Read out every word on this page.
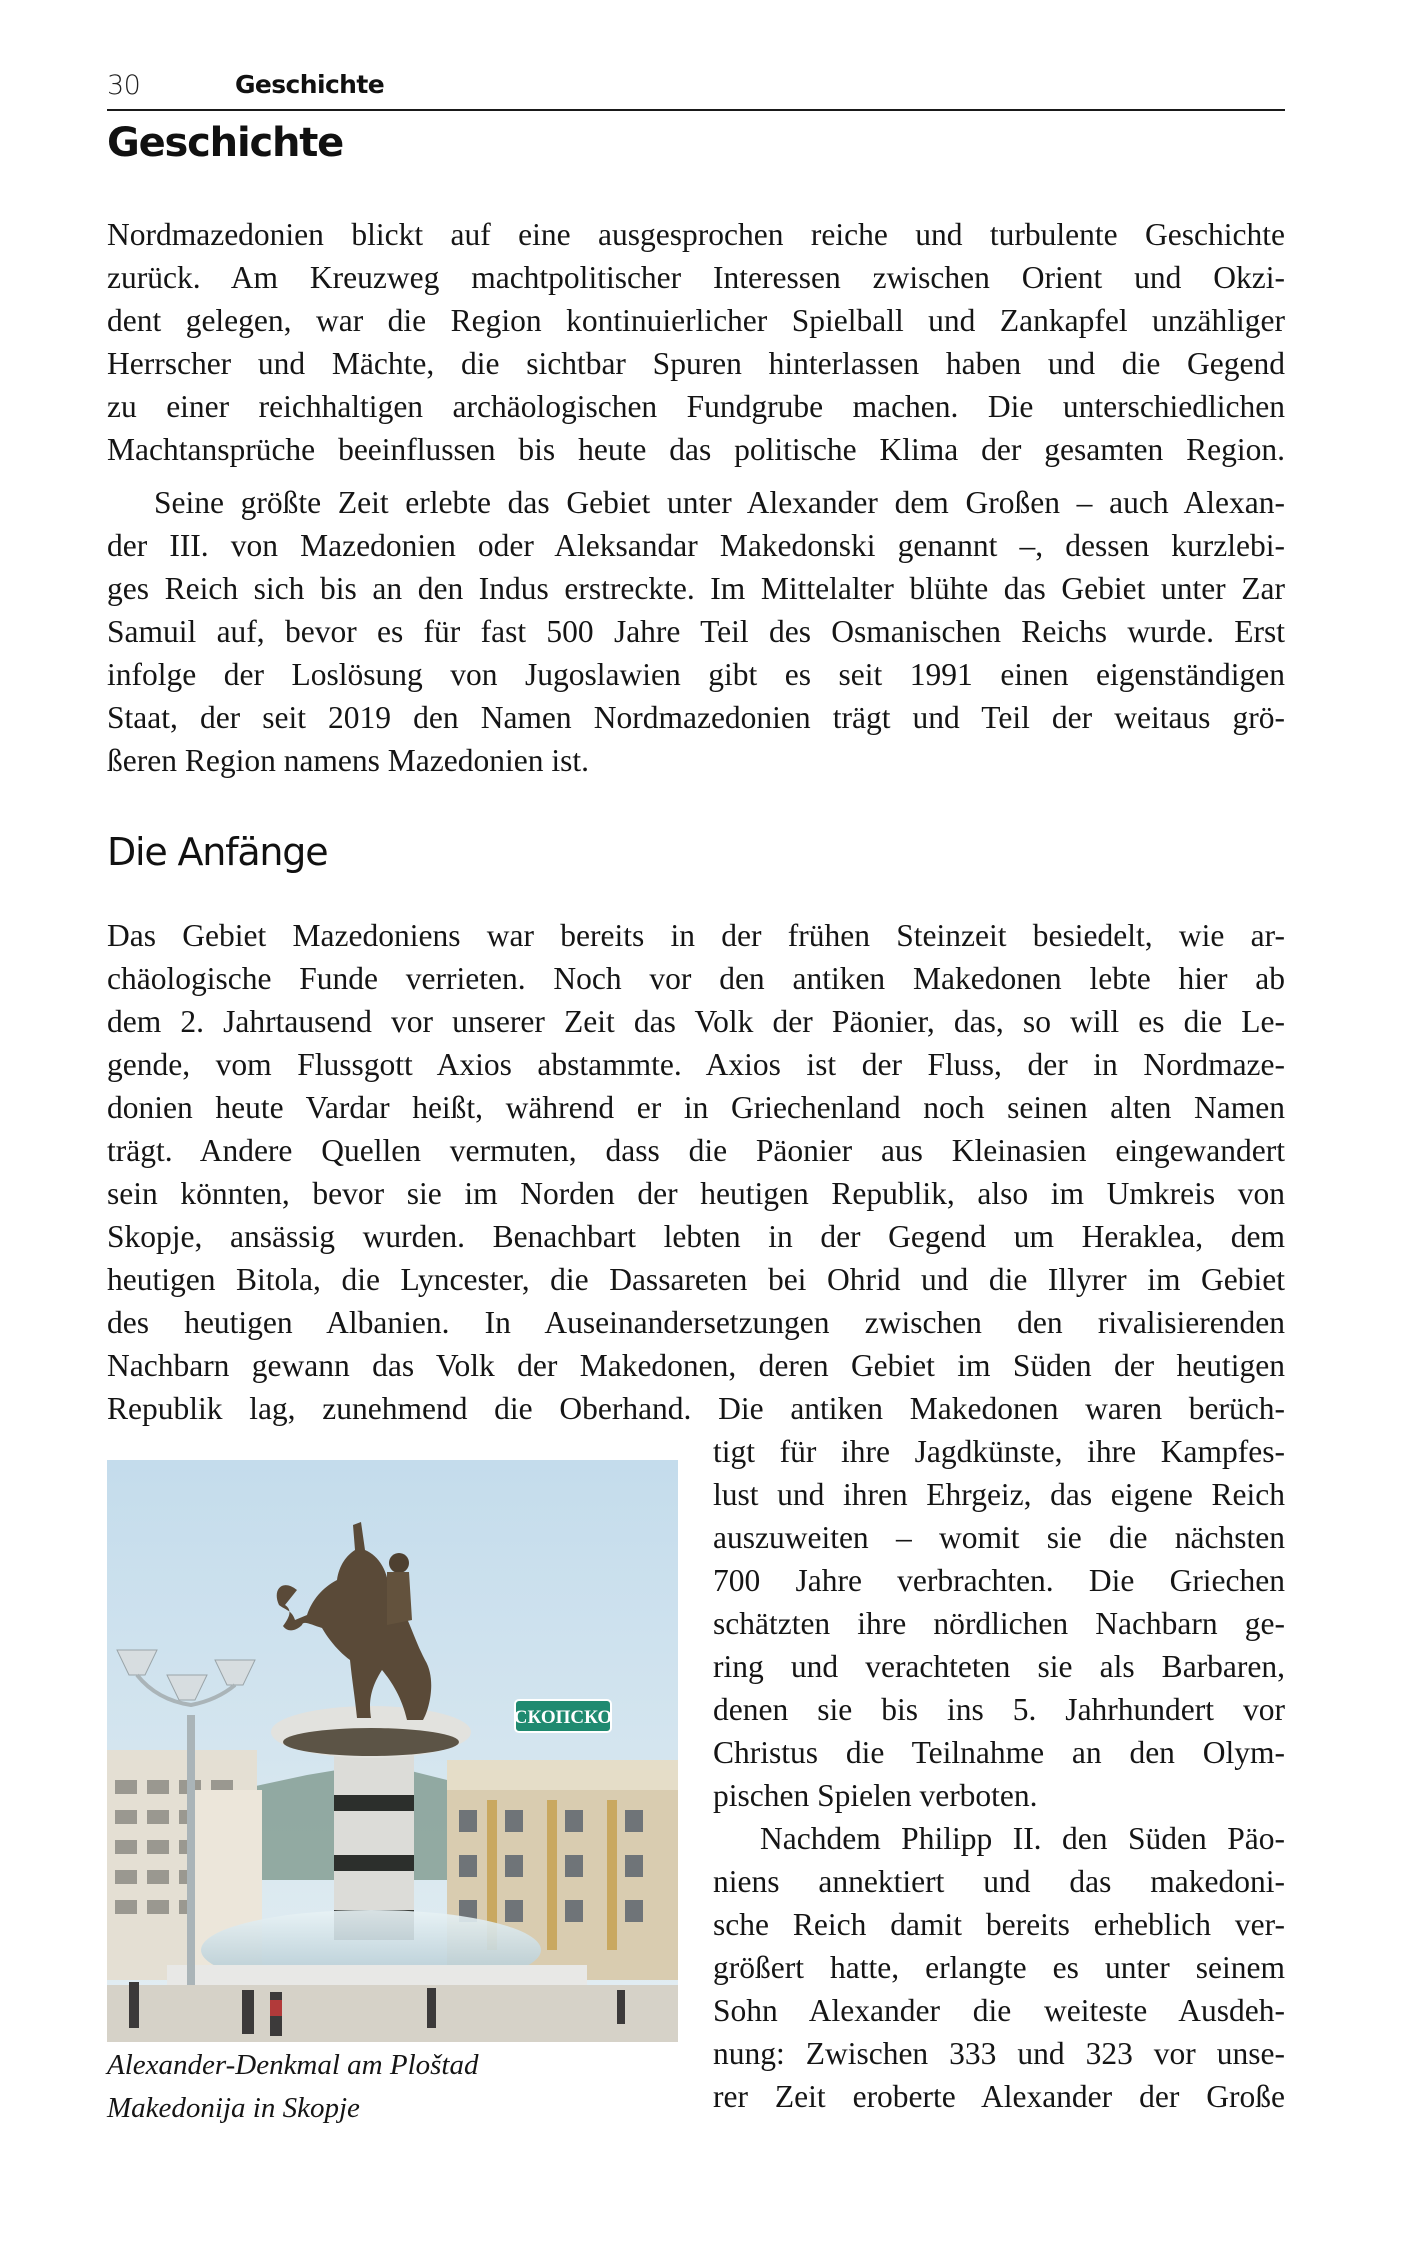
30	Geschichte
Geschichte
Nordmazedonien blickt auf eine ausgesprochen reiche und turbulente Geschichte
zurück. Am Kreuzweg machtpolitischer Interessen zwischen Orient und Okzi-
dent gelegen, war die Region kontinuierlicher Spielball und Zankapfel unzähliger
Herrscher und Mächte, die sichtbar Spuren hinterlassen haben und die Gegend
zu einer reichhaltigen archäologischen Fundgrube machen. Die unterschiedlichen
Machtansprüche beeinflussen bis heute das politische Klima der gesamten Region.
Seine größte Zeit erlebte das Gebiet unter Alexander dem Großen – auch Alexan-
der III. von Mazedonien oder Aleksandar Makedonski genannt –, dessen kurzlebi-
ges Reich sich bis an den Indus erstreckte. Im Mittelalter blühte das Gebiet unter Zar
Samuil auf, bevor es für fast 500 Jahre Teil des Osmanischen Reichs wurde. Erst
infolge der Loslösung von Jugoslawien gibt es seit 1991 einen eigenständigen
Staat, der seit 2019 den Namen Nordmazedonien trägt und Teil der weitaus grö-
ßeren Region namens Mazedonien ist.
Die Anfänge
Das Gebiet Mazedoniens war bereits in der frühen Steinzeit besiedelt, wie ar-
chäologische Funde verrieten. Noch vor den antiken Makedonen lebte hier ab
dem 2. Jahrtausend vor unserer Zeit das Volk der Päonier, das, so will es die Le-
gende, vom Flussgott Axios abstammte. Axios ist der Fluss, der in Nordmaze-
donien heute Vardar heißt, während er in Griechenland noch seinen alten Namen
trägt. Andere Quellen vermuten, dass die Päonier aus Kleinasien eingewandert
sein könnten, bevor sie im Norden der heutigen Republik, also im Umkreis von
Skopje, ansässig wurden. Benachbart lebten in der Gegend um Heraklea, dem
heutigen Bitola, die Lyncester, die Dassareten bei Ohrid und die Illyrer im Gebiet
des heutigen Albanien. In Auseinandersetzungen zwischen den rivalisierenden
Nachbarn gewann das Volk der Makedonen, deren Gebiet im Süden der heutigen
Republik lag, zunehmend die Oberhand. Die antiken Makedonen waren berüch-
tigt für ihre Jagdkünste, ihre Kampfes-
lust und ihren Ehrgeiz, das eigene Reich
auszuweiten – womit sie die nächsten
700 Jahre verbrachten. Die Griechen
schätzten ihre nördlichen Nachbarn ge-
ring und verachteten sie als Barbaren,
denen sie bis ins 5. Jahrhundert vor
Christus die Teilnahme an den Olym-
pischen Spielen verboten.
Nachdem Philipp II. den Süden Päo-
niens annektiert und das makedoni-
sche Reich damit bereits erheblich ver-
größert hatte, erlangte es unter seinem
Sohn Alexander die weiteste Ausdeh-
nung: Zwischen 333 und 323 vor unse-
rer Zeit eroberte Alexander der Große
СКОПСКО
Alexander-Denkmal am Ploštad
Makedonija in Skopje
